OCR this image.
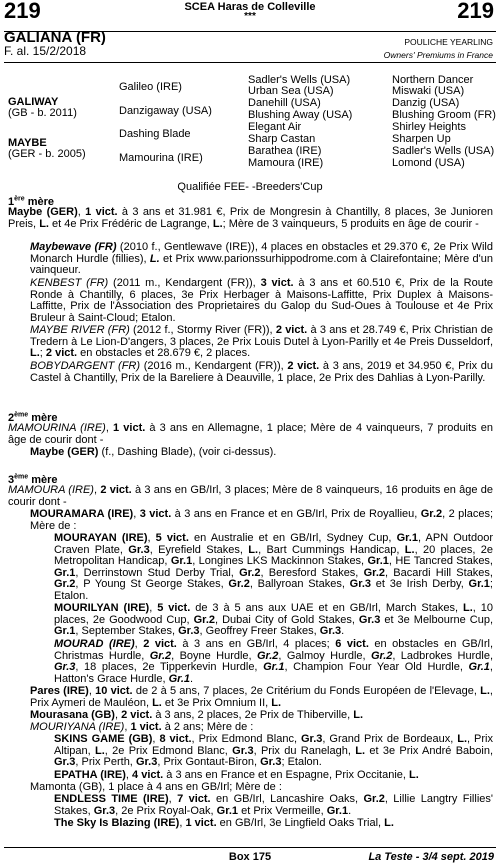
219	219
SCEA Haras de Colleville
***
GALIANA (FR)
F. al. 15/2/2018
POULICHE YEARLING
Owners' Premiums in France
GALIWAY
(GB - b. 2011)
MAYBE
(GER - b. 2005)
Galileo (IRE)
Danzigaway (USA)
Dashing Blade
Mamourina (IRE)
Sadler's Wells (USA)
Urban Sea (USA)
Danehill (USA)
Blushing Away (USA)
Elegant Air
Sharp Castan
Barathea (IRE)
Mamoura (IRE)
Northern Dancer
Miswaki (USA)
Danzig (USA)
Blushing Groom (FR)
Shirley Heights
Sharpen Up
Sadler's Wells (USA)
Lomond (USA)
Qualifiée FEE- -Breeders'Cup
1ère mère
Maybe (GER), 1 vict. à 3 ans et 31.981 €, Prix de Mongresin à Chantilly, 8 places, 3e Junioren Preis, L. et 4e Prix Frédéric de Lagrange, L.; Mère de 3 vainqueurs, 5 produits en âge de courir -
Maybewave (FR) (2010 f., Gentlewave (IRE)), 4 places en obstacles et 29.370 €, 2e Prix Wild Monarch Hurdle (fillies), L. et Prix www.parionssurhippodrome.com à Clairefontaine; Mère d'un vainqueur.
KENBEST (FR) (2011 m., Kendargent (FR)), 3 vict. à 3 ans et 60.510 €, Prix de la Route Ronde à Chantilly, 6 places, 3e Prix Herbager à Maisons-Laffitte, Prix Duplex à Maisons-Laffitte, Prix de l'Association des Proprietaires du Galop du Sud-Oues à Toulouse et 4e Prix Bruleur à Saint-Cloud; Etalon.
MAYBE RIVER (FR) (2012 f., Stormy River (FR)), 2 vict. à 3 ans et 28.749 €, Prix Christian de Tredern à Le Lion-D'angers, 3 places, 2e Prix Louis Dutel à Lyon-Parilly et 4e Preis Dusseldorf, L.; 2 vict. en obstacles et 28.679 €, 2 places.
BOBYDARGENT (FR) (2016 m., Kendargent (FR)), 2 vict. à 3 ans, 2019 et 34.950 €, Prix du Castel à Chantilly, Prix de la Bareliere à Deauville, 1 place, 2e Prix des Dahlias à Lyon-Parilly.
2ème mère
MAMOURINA (IRE), 1 vict. à 3 ans en Allemagne, 1 place; Mère de 4 vainqueurs, 7 produits en âge de courir dont -
Maybe (GER) (f., Dashing Blade), (voir ci-dessus).
3ème mère
MAMOURA (IRE), 2 vict. à 3 ans en GB/Irl, 3 places; Mère de 8 vainqueurs, 16 produits en âge de courir dont -
MOURAMARA (IRE), 3 vict. à 3 ans en France et en GB/Irl, Prix de Royallieu, Gr.2, 2 places; Mère de :
MOURAYAN (IRE), 5 vict. en Australie et en GB/Irl, Sydney Cup, Gr.1, APN Outdoor Craven Plate, Gr.3, Eyrefield Stakes, L., Bart Cummings Handicap, L., 20 places, 2e Metropolitan Handicap, Gr.1, Longines LKS Mackinnon Stakes, Gr.1, HE Tancred Stakes, Gr.1, Derrinstown Stud Derby Trial, Gr.2, Beresford Stakes, Gr.2, Bacardi Hill Stakes, Gr.2, P Young St George Stakes, Gr.2, Ballyroan Stakes, Gr.3 et 3e Irish Derby, Gr.1; Etalon.
MOURILYAN (IRE), 5 vict. de 3 à 5 ans aux UAE et en GB/Irl, March Stakes, L., 10 places, 2e Goodwood Cup, Gr.2, Dubai City of Gold Stakes, Gr.3 et 3e Melbourne Cup, Gr.1, September Stakes, Gr.3, Geoffrey Freer Stakes, Gr.3.
MOURAD (IRE), 2 vict. à 3 ans en GB/Irl, 4 places; 6 vict. en obstacles en GB/Irl, Christmas Hurdle, Gr.2, Boyne Hurdle, Gr.2, Galmoy Hurdle, Gr.2, Ladbrokes Hurdle, Gr.3, 18 places, 2e Tipperkevin Hurdle, Gr.1, Champion Four Year Old Hurdle, Gr.1, Hatton's Grace Hurdle, Gr.1.
Pares (IRE), 10 vict. de 2 à 5 ans, 7 places, 2e Critérium du Fonds Européen de l'Elevage, L., Prix Aymeri de Mauléon, L. et 3e Prix Omnium II, L.
Mourasana (GB), 2 vict. à 3 ans, 2 places, 2e Prix de Thiberville, L.
MOURIYANA (IRE), 1 vict. à 2 ans; Mère de :
SKINS GAME (GB), 8 vict., Prix Edmond Blanc, Gr.3, Grand Prix de Bordeaux, L., Prix Altipan, L., 2e Prix Edmond Blanc, Gr.3, Prix du Ranelagh, L. et 3e Prix André Baboin, Gr.3, Prix Perth, Gr.3, Prix Gontaut-Biron, Gr.3; Etalon.
EPATHA (IRE), 4 vict. à 3 ans en France et en Espagne, Prix Occitanie, L.
Mamonta (GB), 1 place à 4 ans en GB/Irl; Mère de :
ENDLESS TIME (IRE), 7 vict. en GB/Irl, Lancashire Oaks, Gr.2, Lillie Langtry Fillies' Stakes, Gr.3, 2e Prix Royal-Oak, Gr.1 et Prix Vermeille, Gr.1.
The Sky Is Blazing (IRE), 1 vict. en GB/Irl, 3e Lingfield Oaks Trial, L.
Box 175	La Teste - 3/4 sept. 2019
